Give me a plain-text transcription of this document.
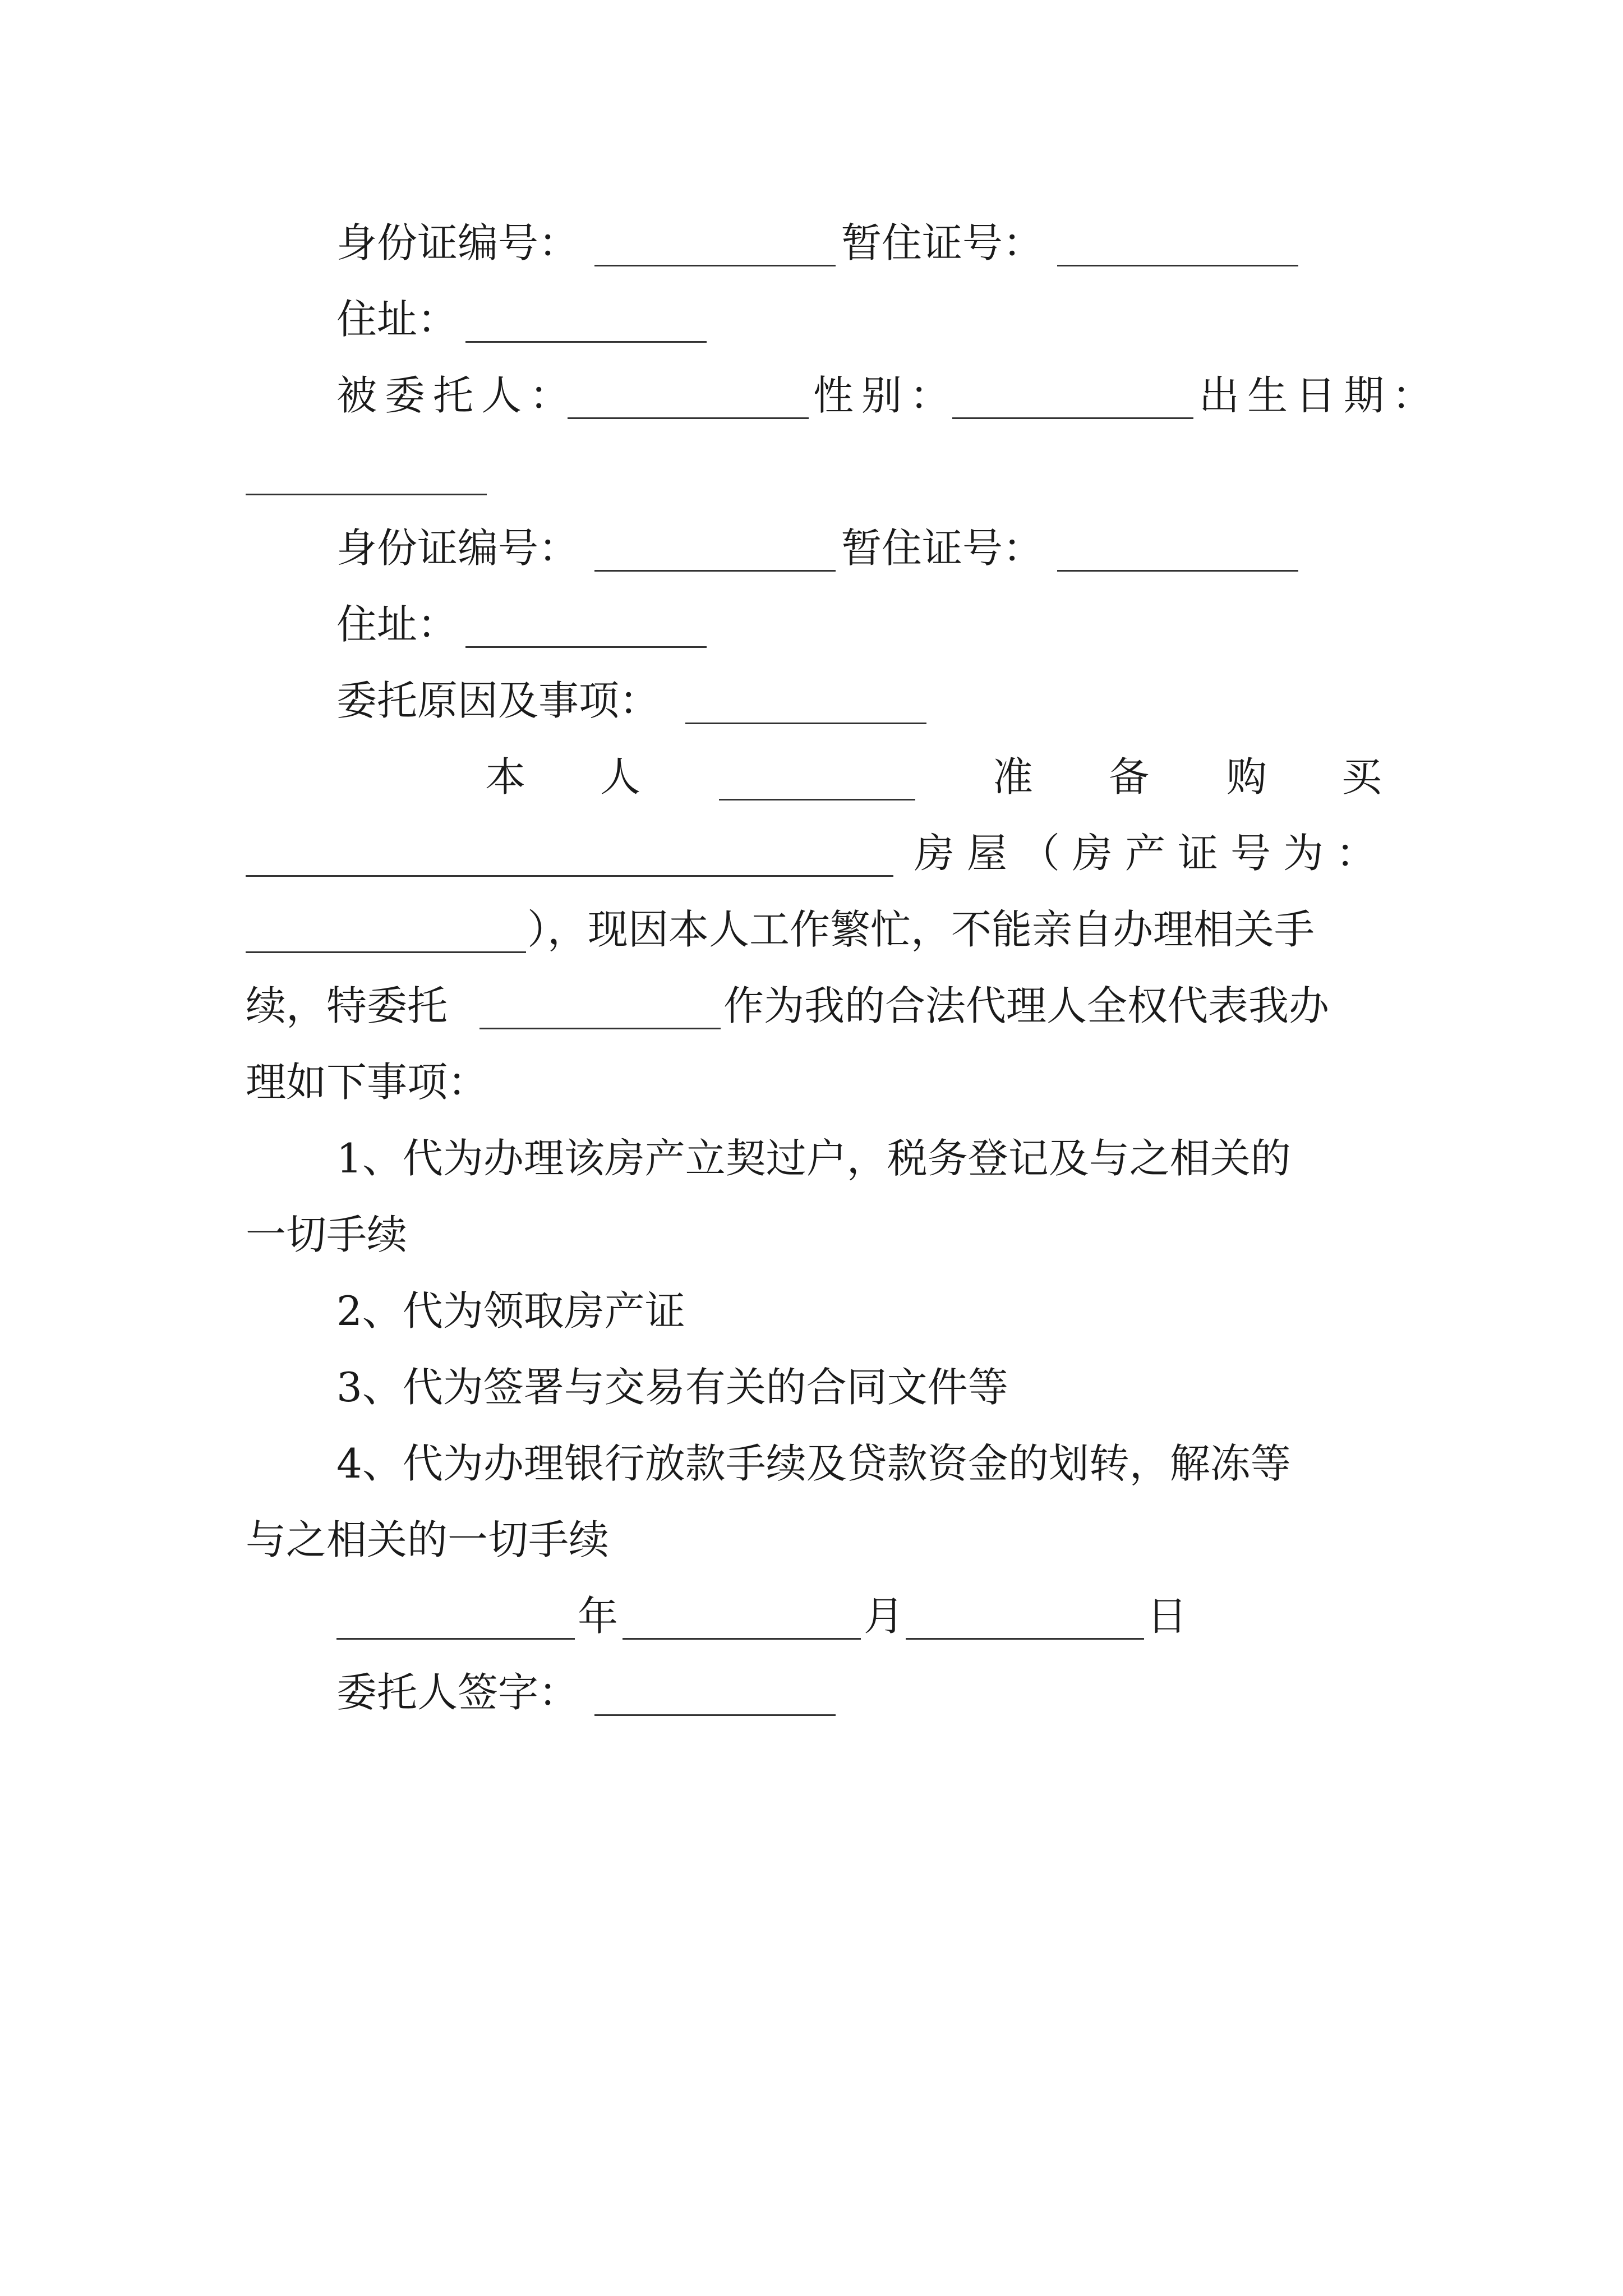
身份证编号：	暂住证号：
住址：
被委托人：	性别：	出生日期：
身份证编号：	暂住证号：
住址：
委托原因及事项：
本 人	准 备 购 买
房屋（房产证号为：
），现因本人工作繁忙，不能亲自办理相关手
续，特委托	作为我的合法代理人全权代表我办
理如下事项：
1、代为办理该房产立契过户，税务登记及与之相关的
一切手续
2、代为领取房产证
3、代为签署与交易有关的合同文件等
4、代为办理银行放款手续及贷款资金的划转，解冻等
与之相关的一切手续
年	月	日
委托人签字：
